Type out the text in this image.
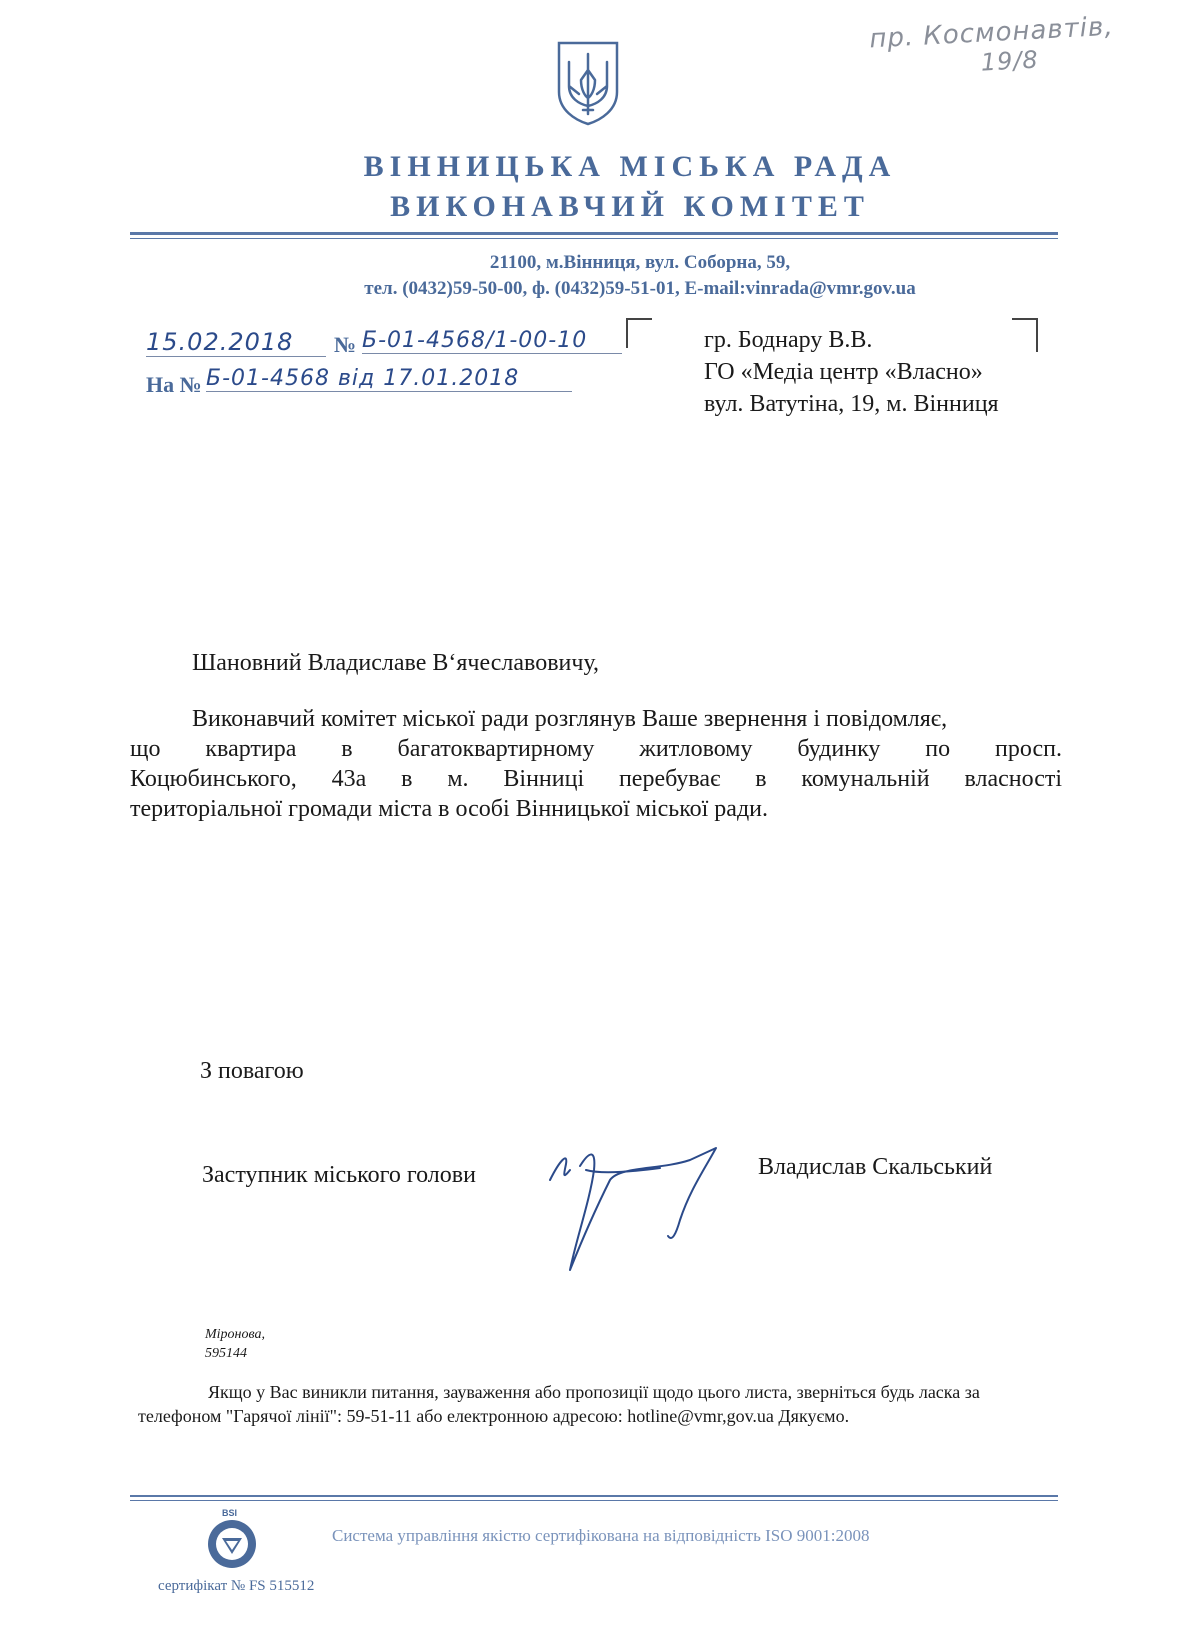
пр. Космонавтів,
19/8
ВІННИЦЬКА МІСЬКА РАДА
ВИКОНАВЧИЙ КОМІТЕТ
21100, м.Вінниця, вул. Соборна, 59,
тел. (0432)59-50-00, ф. (0432)59-51-01, E-mail:vinrada@vmr.gov.ua
15.02.2018	№ Б-01-4568/1-00-10
На № Б-01-4568 від 17.01.2018
гр. Боднару В.В.
ГО «Медіа центр «Власно»
вул. Ватутіна, 19, м. Вінниця
Шановний Владиславе В‘ячеславовичу,
Виконавчий комітет міської ради розглянув Ваше звернення і повідомляє,
що квартира в багатоквартирному житловому будинку по просп.
Коцюбинського, 43а в м. Вінниці перебуває в комунальній власності
територіальної громади міста в особі Вінницької міської ради.
З повагою
Заступник міського голови	Владислав Скальський
Міронова,
595144
Якщо у Вас виникли питання, зауваження або пропозиції щодо цього листа, зверніться будь ласка за
телефоном "Гарячої лінії": 59-51-11 або електронною адресою: hotline@vmr,gov.ua Дякуємо.
BSI
Система управління якістю сертифікована на відповідність ISO 9001:2008
сертифікат № FS 515512
